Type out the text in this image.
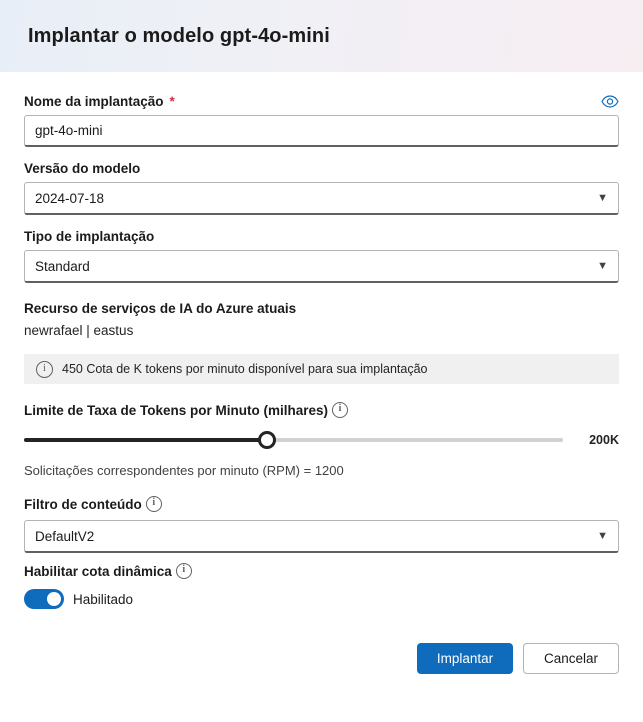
Implantar o modelo gpt-4o-mini
Nome da implantação *
gpt-4o-mini
Versão do modelo
2024-07-18	▼
Tipo de implantação
Standard	▼
Recurso de serviços de IA do Azure atuais
newrafael | eastus
i	450 Cota de K tokens por minuto disponível para sua implantação
Limite de Taxa de Tokens por Minuto (milhares)	i
200K
Solicitações correspondentes por minuto (RPM) = 1200
Filtro de conteúdo	i
DefaultV2	▼
Habilitar cota dinâmica	i
Habilitado
Implantar	Cancelar
